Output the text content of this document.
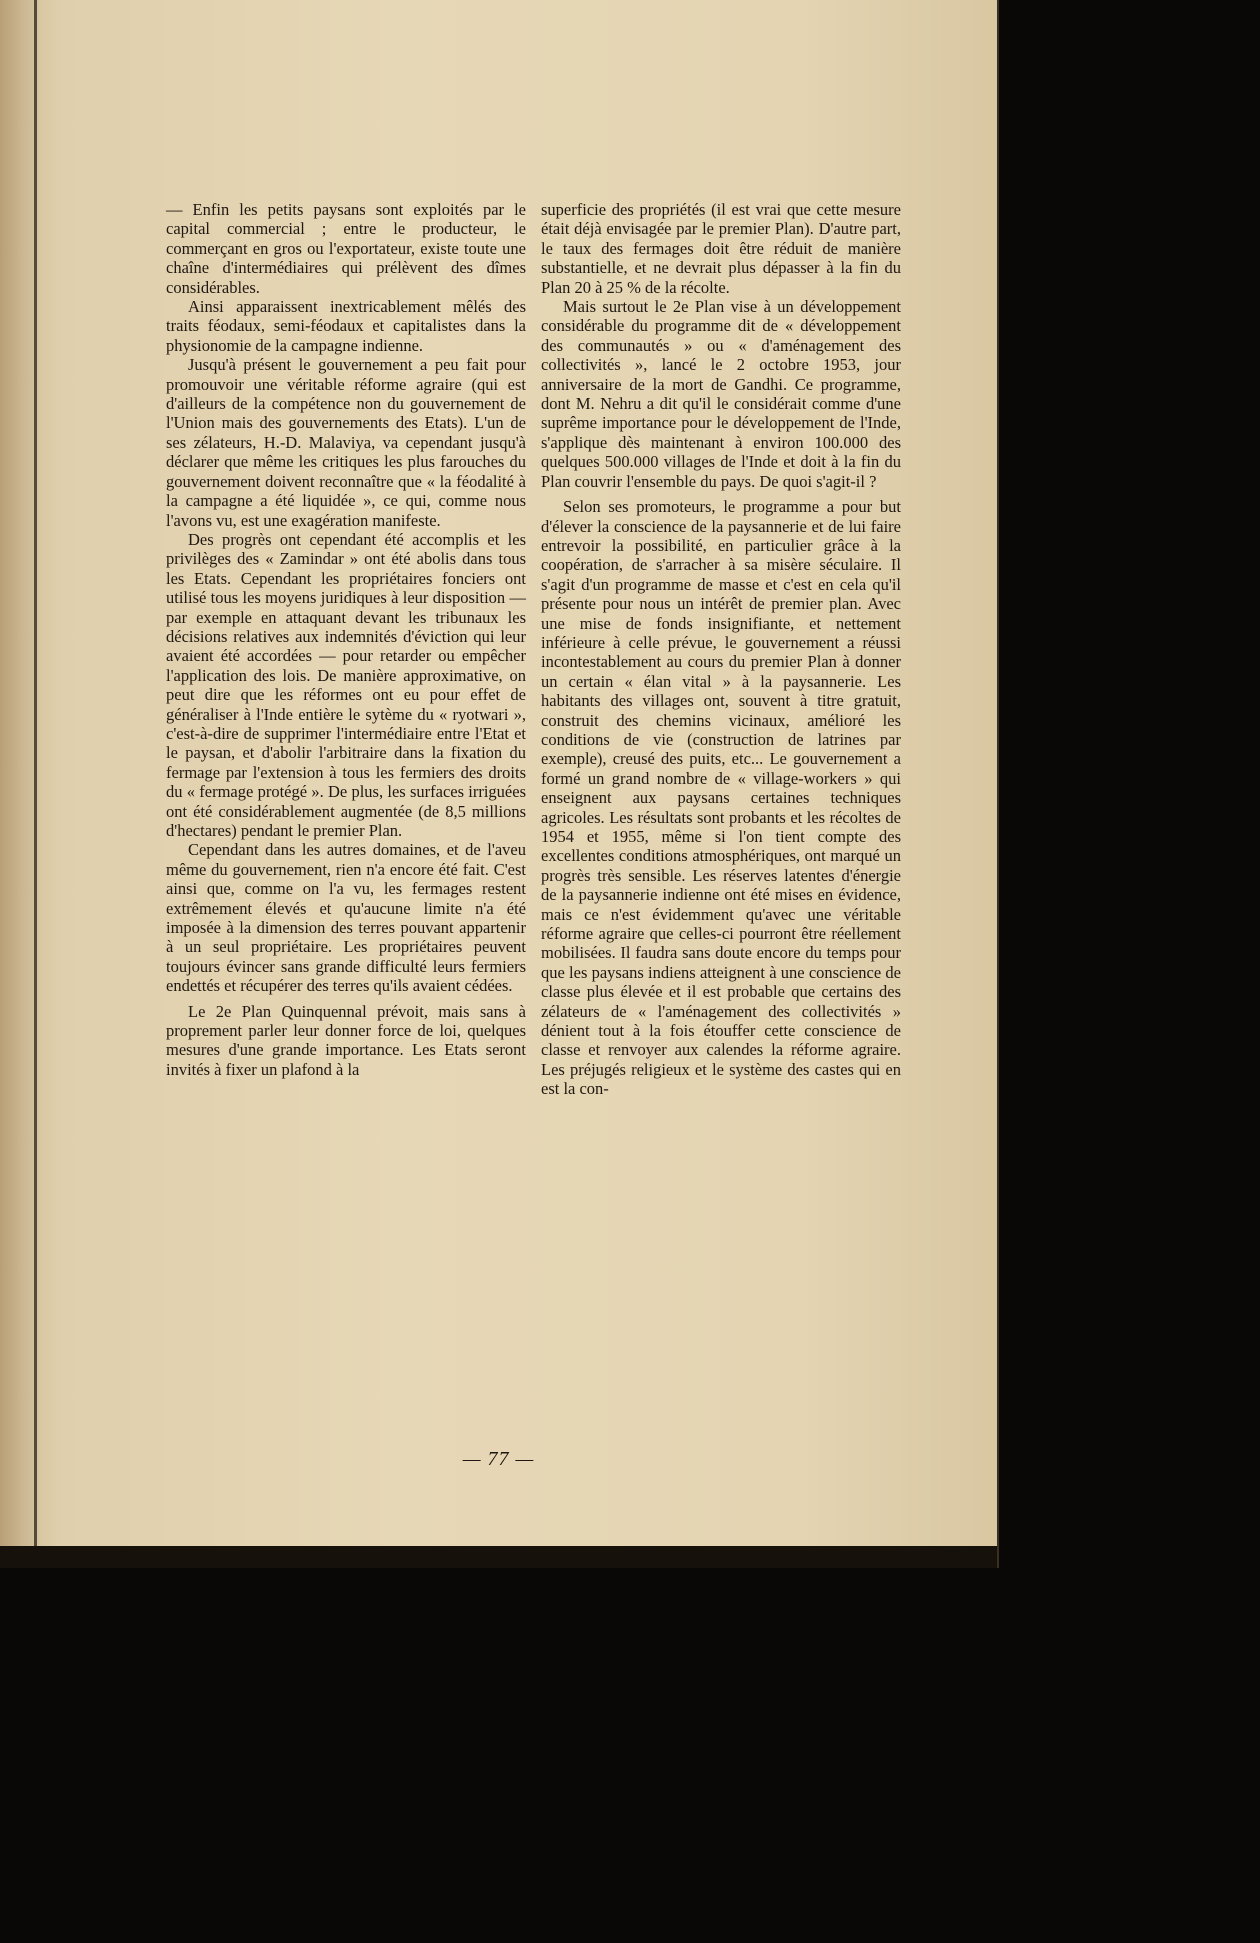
— Enfin les petits paysans sont exploités par le capital commercial ; entre le producteur, le commerçant en gros ou l'exportateur, existe toute une chaîne d'intermédiaires qui prélèvent des dîmes considérables.

Ainsi apparaissent inextricablement mêlés des traits féodaux, semi-féodaux et capitalistes dans la physionomie de la campagne indienne.

Jusqu'à présent le gouvernement a peu fait pour promouvoir une véritable réforme agraire (qui est d'ailleurs de la compétence non du gouvernement de l'Union mais des gouvernements des Etats). L'un de ses zélateurs, H.-D. Malaviya, va cependant jusqu'à déclarer que même les critiques les plus farouches du gouvernement doivent reconnaître que « la féodalité à la campagne a été liquidée », ce qui, comme nous l'avons vu, est une exagération manifeste.

Des progrès ont cependant été accomplis et les privilèges des « Zamindar » ont été abolis dans tous les Etats. Cependant les propriétaires fonciers ont utilisé tous les moyens juridiques à leur disposition — par exemple en attaquant devant les tribunaux les décisions relatives aux indemnités d'éviction qui leur avaient été accordées — pour retarder ou empêcher l'application des lois. De manière approximative, on peut dire que les réformes ont eu pour effet de généraliser à l'Inde entière le sytème du « ryotwari », c'est-à-dire de supprimer l'intermédiaire entre l'Etat et le paysan, et d'abolir l'arbitraire dans la fixation du fermage par l'extension à tous les fermiers des droits du « fermage protégé ». De plus, les surfaces irriguées ont été considérablement augmentée (de 8,5 millions d'hectares) pendant le premier Plan.

Cependant dans les autres domaines, et de l'aveu même du gouvernement, rien n'a encore été fait. C'est ainsi que, comme on l'a vu, les fermages restent extrêmement élevés et qu'aucune limite n'a été imposée à la dimension des terres pouvant appartenir à un seul propriétaire. Les propriétaires peuvent toujours évincer sans grande difficulté leurs fermiers endettés et récupérer des terres qu'ils avaient cédées.

Le 2e Plan Quinquennal prévoit, mais sans à proprement parler leur donner force de loi, quelques mesures d'une grande importance. Les Etats seront invités à fixer un plafond à la

superficie des propriétés (il est vrai que cette mesure était déjà envisagée par le premier Plan). D'autre part, le taux des fermages doit être réduit de manière substantielle, et ne devrait plus dépasser à la fin du Plan 20 à 25 % de la récolte.

Mais surtout le 2e Plan vise à un développement considérable du programme dit de « développement des communautés » ou « d'aménagement des collectivités », lancé le 2 octobre 1953, jour anniversaire de la mort de Gandhi. Ce programme, dont M. Nehru a dit qu'il le considérait comme d'une suprême importance pour le développement de l'Inde, s'applique dès maintenant à environ 100.000 des quelques 500.000 villages de l'Inde et doit à la fin du Plan couvrir l'ensemble du pays. De quoi s'agit-il ?

Selon ses promoteurs, le programme a pour but d'élever la conscience de la paysannerie et de lui faire entrevoir la possibilité, en particulier grâce à la coopération, de s'arracher à sa misère séculaire. Il s'agit d'un programme de masse et c'est en cela qu'il présente pour nous un intérêt de premier plan. Avec une mise de fonds insignifiante, et nettement inférieure à celle prévue, le gouvernement a réussi incontestablement au cours du premier Plan à donner un certain « élan vital » à la paysannerie. Les habitants des villages ont, souvent à titre gratuit, construit des chemins vicinaux, amélioré les conditions de vie (construction de latrines par exemple), creusé des puits, etc... Le gouvernement a formé un grand nombre de « village-workers » qui enseignent aux paysans certaines techniques agricoles. Les résultats sont probants et les récoltes de 1954 et 1955, même si l'on tient compte des excellentes conditions atmosphériques, ont marqué un progrès très sensible. Les réserves latentes d'énergie de la paysannerie indienne ont été mises en évidence, mais ce n'est évidemment qu'avec une véritable réforme agraire que celles-ci pourront être réellement mobilisées. Il faudra sans doute encore du temps pour que les paysans indiens atteignent à une conscience de classe plus élevée et il est probable que certains des zélateurs de « l'aménagement des collectivités » dénient tout à la fois étouffer cette conscience de classe et renvoyer aux calendes la réforme agraire. Les préjugés religieux et le système des castes qui en est la con-

— 77 —
